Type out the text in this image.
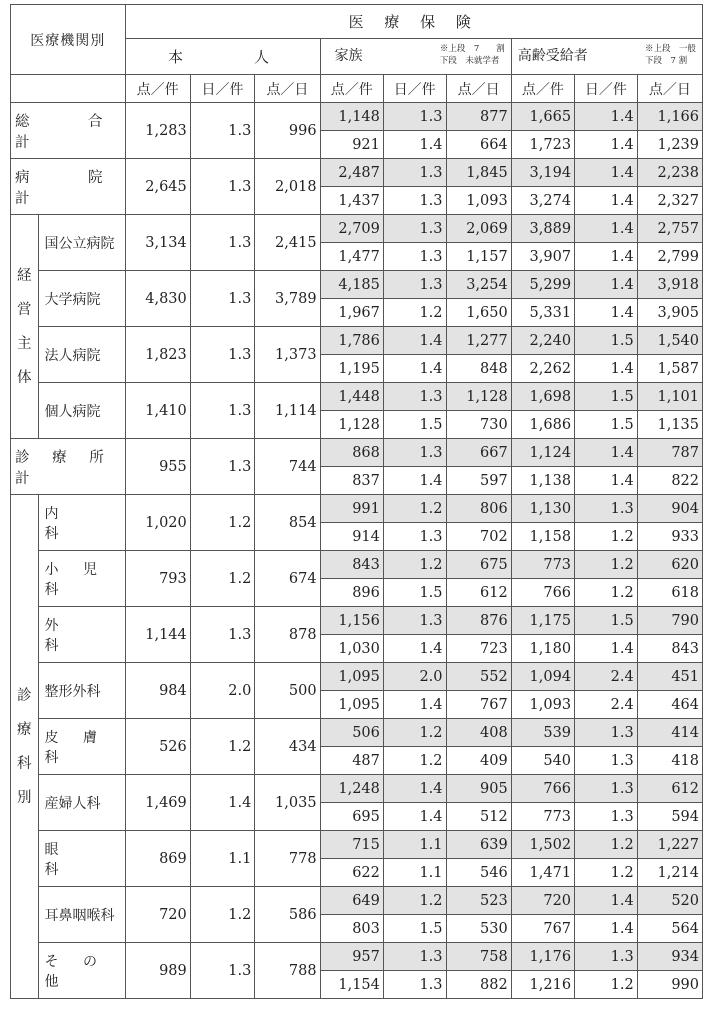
医療機関別		医 療 保 険								
		本　人			家族 ※上段　7　　割
下段　未就学者			高齢受給者 ※上段　一般
下段　7 割		

		点／件	日／件	点／日	点／件	日／件	点／日	点／件	日／件	点／日
総　合　計		1,283	1.3	996	1,148	1.3	877	1,665	1.4	1,166
					921	1.4	664	1,723	1.4	1,239
病　院　計		2,645	1.3	2,018	2,487	1.3	1,845	3,194	1.4	2,238
					1,437	1.3	1,093	3,274	1.4	2,327

経
営
主
体	国公立病院	3,134	1.3	2,415	2,709	1.3	2,069	3,889	1.4	2,757
					1,477	1.3	1,157	3,907	1.4	2,799
	大学病院	4,830	1.3	3,789	4,185	1.3	3,254	5,299	1.4	3,918
					1,967	1.2	1,650	5,331	1.4	3,905
	法人病院	1,823	1.3	1,373	1,786	1.4	1,277	2,240	1.5	1,540
					1,195	1.4	848	2,262	1.4	1,587
	個人病院	1,410	1.3	1,114	1,448	1.3	1,128	1,698	1.5	1,101
					1,128	1.5	730	1,686	1.5	1,135
診 療 所 計		955	1.3	744	868	1.3	667	1,124	1.4	787
					837	1.4	597	1,138	1.4	822

診
療
科
別	内　科	1,020	1.2	854	991	1.2	806	1,130	1.3	904
					914	1.3	702	1,158	1.2	933
	小 児 科	793	1.2	674	843	1.2	675	773	1.2	620
					896	1.5	612	766	1.2	618
	外　科	1,144	1.3	878	1,156	1.3	876	1,175	1.5	790
					1,030	1.4	723	1,180	1.4	843
	整形外科	984	2.0	500	1,095	2.0	552	1,094	2.4	451
					1,095	1.4	767	1,093	2.4	464
	皮 膚 科	526	1.2	434	506	1.2	408	539	1.3	414
					487	1.2	409	540	1.3	418
	産婦人科	1,469	1.4	1,035	1,248	1.4	905	766	1.3	612
					695	1.4	512	773	1.3	594
	眼　科	869	1.1	778	715	1.1	639	1,502	1.2	1,227
					622	1.1	546	1,471	1.2	1,214
	耳鼻咽喉科	720	1.2	586	649	1.2	523	720	1.4	520
					803	1.5	530	767	1.4	564
	そ の 他	989	1.3	788	957	1.3	758	1,176	1.3	934
					1,154	1.3	882	1,216	1.2	990
